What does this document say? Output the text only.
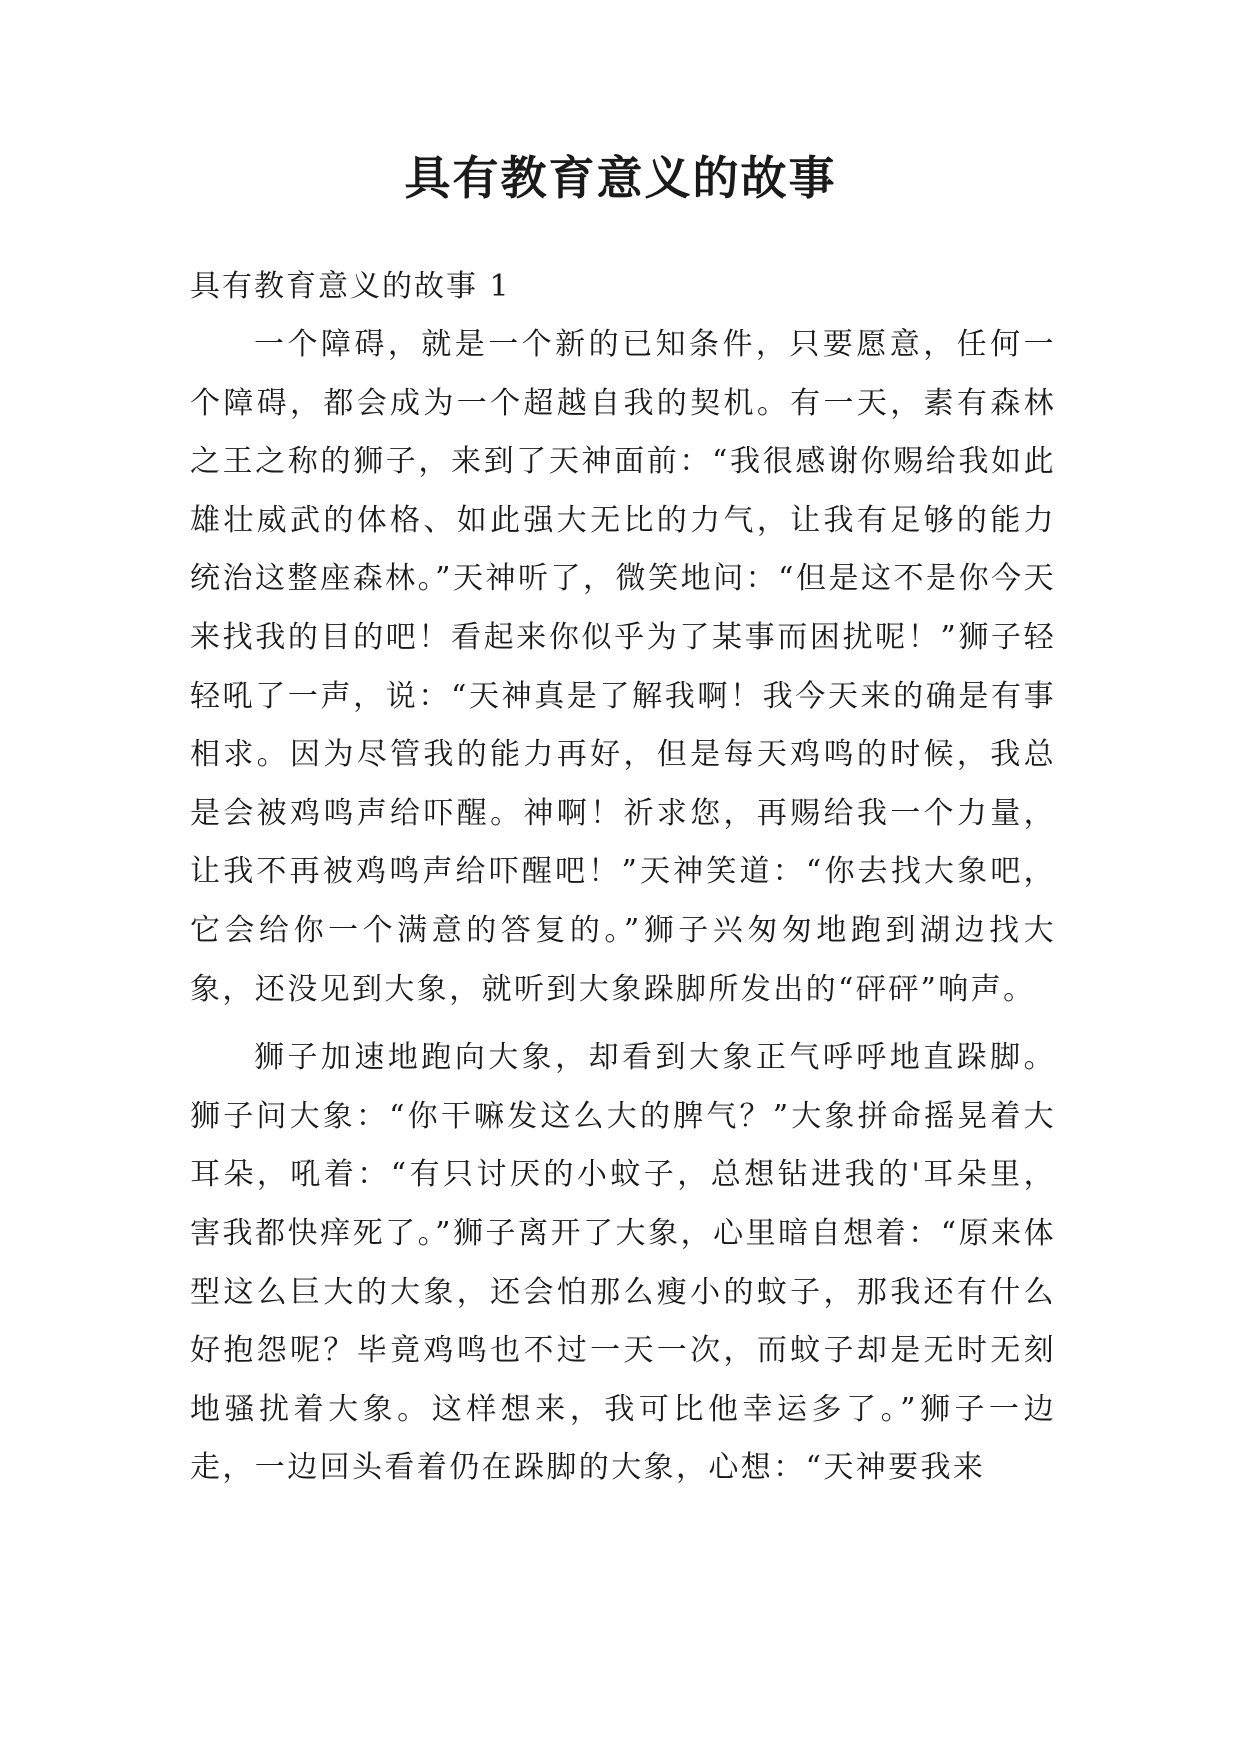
具有教育意义的故事

具有教育意义的故事 1

一个障碍，就是一个新的已知条件，只要愿意，任何一个障碍，都会成为一个超越自我的契机。有一天，素有森林之王之称的狮子，来到了天神面前：“我很感谢你赐给我如此雄壮威武的体格、如此强大无比的力气，让我有足够的能力统治这整座森林。”天神听了，微笑地问：“但是这不是你今天来找我的目的吧！看起来你似乎为了某事而困扰呢！”狮子轻轻吼了一声，说：“天神真是了解我啊！我今天来的确是有事相求。因为尽管我的能力再好，但是每天鸡鸣的时候，我总是会被鸡鸣声给吓醒。神啊！祈求您，再赐给我一个力量，让我不再被鸡鸣声给吓醒吧！”天神笑道：“你去找大象吧，它会给你一个满意的答复的。”狮子兴匆匆地跑到湖边找大象，还没见到大象，就听到大象跺脚所发出的“砰砰”响声。

狮子加速地跑向大象，却看到大象正气呼呼地直跺脚。狮子问大象：“你干嘛发这么大的脾气？”大象拼命摇晃着大耳朵，吼着：“有只讨厌的小蚊子，总想钻进我的'耳朵里，害我都快痒死了。”狮子离开了大象，心里暗自想着：“原来体型这么巨大的大象，还会怕那么瘦小的蚊子，那我还有什么好抱怨呢？毕竟鸡鸣也不过一天一次，而蚊子却是无时无刻地骚扰着大象。这样想来，我可比他幸运多了。”狮子一边走，一边回头看着仍在跺脚的大象，心想：“天神要我来
